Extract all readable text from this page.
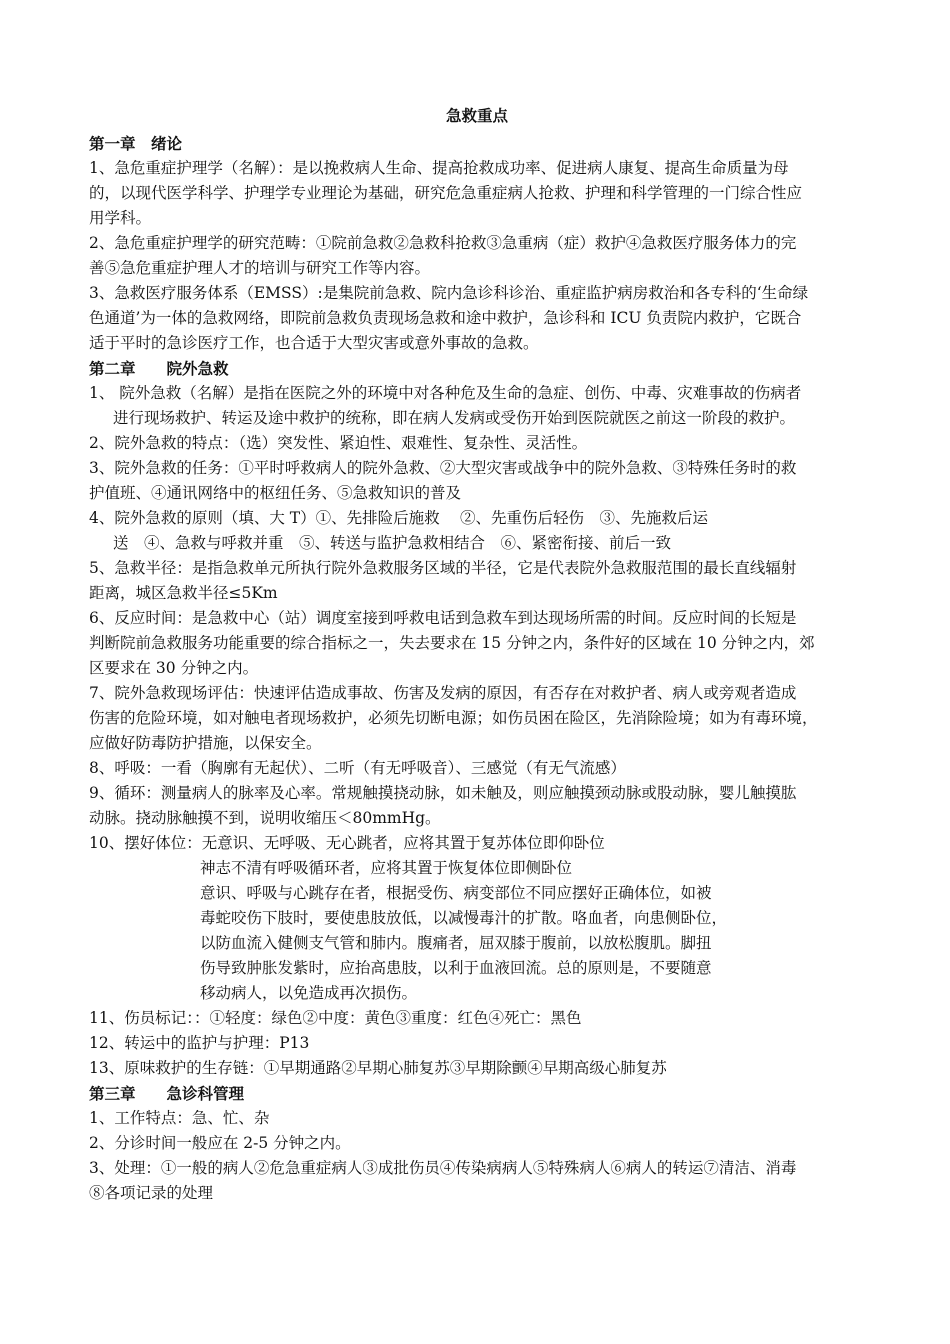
急救重点
第一章　绪论
1、急危重症护理学（名解）：是以挽救病人生命、提高抢救成功率、促进病人康复、提高生命质量为母
的，以现代医学科学、护理学专业理论为基础，研究危急重症病人抢救、护理和科学管理的一门综合性应
用学科。
2、急危重症护理学的研究范畴：①院前急救②急救科抢救③急重病（症）救护④急救医疗服务体力的完
善⑤急危重症护理人才的培训与研究工作等内容。
3、急救医疗服务体系（EMSS）:是集院前急救、院内急诊科诊治、重症监护病房救治和各专科的‘生命绿
色通道’为一体的急救网络，即院前急救负责现场急救和途中救护，急诊科和 ICU 负责院内救护，它既合
适于平时的急诊医疗工作，也合适于大型灾害或意外事故的急救。
第二章　　院外急救
1、 院外急救（名解）是指在医院之外的环境中对各种危及生命的急症、创伤、中毒、灾难事故的伤病者
进行现场救护、转运及途中救护的统称，即在病人发病或受伤开始到医院就医之前这一阶段的救护。
2、院外急救的特点：（选）突发性、紧迫性、艰难性、复杂性、灵活性。
3、院外急救的任务：①平时呼救病人的院外急救、②大型灾害或战争中的院外急救、③特殊任务时的救
护值班、④通讯网络中的枢纽任务、⑤急救知识的普及
4、院外急救的原则（填、大 T）①、先排险后施救　 ②、先重伤后轻伤　③、先施救后运
送　④、急救与呼救并重　⑤、转送与监护急救相结合　⑥、紧密衔接、前后一致
5、急救半径：是指急救单元所执行院外急救服务区域的半径，它是代表院外急救服范围的最长直线辐射
距离，城区急救半径≤5Km
6、反应时间：是急救中心（站）调度室接到呼救电话到急救车到达现场所需的时间。反应时间的长短是
判断院前急救服务功能重要的综合指标之一，失去要求在 15 分钟之内，条件好的区域在 10 分钟之内，郊
区要求在 30 分钟之内。
7、院外急救现场评估：快速评估造成事故、伤害及发病的原因，有否存在对救护者、病人或旁观者造成
伤害的危险环境，如对触电者现场救护，必须先切断电源；如伤员困在险区，先消除险境；如为有毒环境，
应做好防毒防护措施，以保安全。
8、呼吸：一看（胸廓有无起伏）、二听（有无呼吸音）、三感觉（有无气流感）
9、循环：测量病人的脉率及心率。常规触摸挠动脉，如未触及，则应触摸颈动脉或股动脉，婴儿触摸肱
动脉。挠动脉触摸不到，说明收缩压＜80mmHg。
10、摆好体位：无意识、无呼吸、无心跳者，应将其置于复苏体位即仰卧位
神志不清有呼吸循环者，应将其置于恢复体位即侧卧位
意识、呼吸与心跳存在者，根据受伤、病变部位不同应摆好正确体位，如被
毒蛇咬伤下肢时，要使患肢放低，以减慢毒汁的扩散。咯血者，向患侧卧位，
以防血流入健侧支气管和肺内。腹痛者，屈双膝于腹前，以放松腹肌。脚扭
伤导致肿胀发紫时，应抬高患肢，以利于血液回流。总的原则是，不要随意
移动病人，以免造成再次损伤。
11、伤员标记：：①轻度：绿色②中度：黄色③重度：红色④死亡：黑色
12、转运中的监护与护理：P13
13、原味救护的生存链：①早期通路②早期心肺复苏③早期除颤④早期高级心肺复苏
第三章　　急诊科管理
1、工作特点：急、忙、杂
2、分诊时间一般应在 2-5 分钟之内。
3、处理：①一般的病人②危急重症病人③成批伤员④传染病病人⑤特殊病人⑥病人的转运⑦清洁、消毒
⑧各项记录的处理
